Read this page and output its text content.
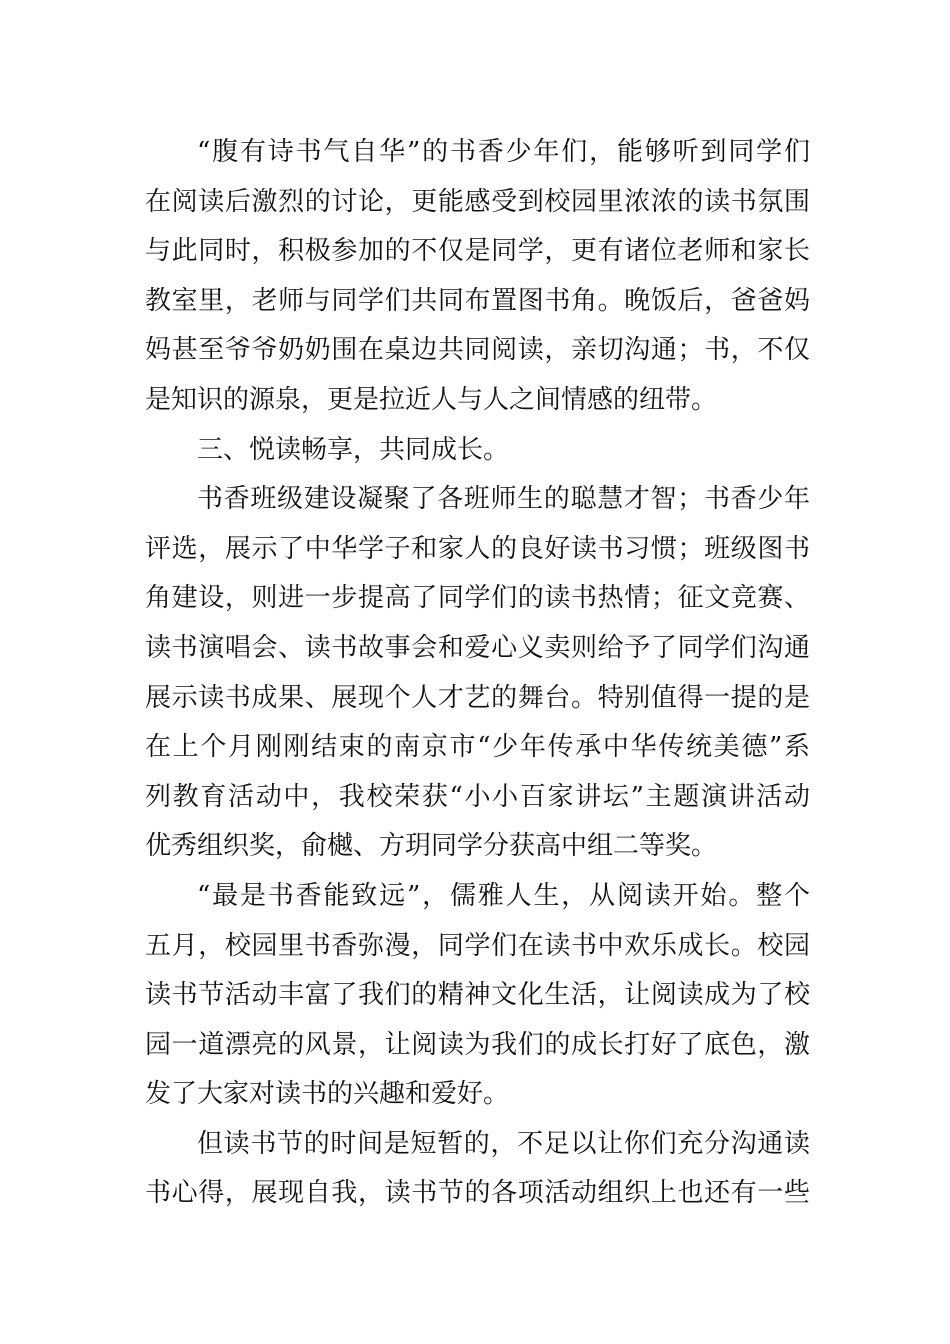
“腹有诗书气自华”的书香少年们，能够听到同学们
在阅读后激烈的讨论，更能感受到校园里浓浓的读书氛围
与此同时，积极参加的不仅是同学，更有诸位老师和家长
教室里，老师与同学们共同布置图书角。晚饭后，爸爸妈
妈甚至爷爷奶奶围在桌边共同阅读，亲切沟通；书，不仅
是知识的源泉，更是拉近人与人之间情感的纽带。
三、悦读畅享，共同成长。
书香班级建设凝聚了各班师生的聪慧才智；书香少年
评选，展示了中华学子和家人的良好读书习惯；班级图书
角建设，则进一步提高了同学们的读书热情；征文竞赛、
读书演唱会、读书故事会和爱心义卖则给予了同学们沟通
展示读书成果、展现个人才艺的舞台。特别值得一提的是
在上个月刚刚结束的南京市“少年传承中华传统美德”系
列教育活动中，我校荣获“小小百家讲坛”主题演讲活动
优秀组织奖，俞樾、方玥同学分获高中组二等奖。
“最是书香能致远”，儒雅人生，从阅读开始。整个
五月，校园里书香弥漫，同学们在读书中欢乐成长。校园
读书节活动丰富了我们的精神文化生活，让阅读成为了校
园一道漂亮的风景，让阅读为我们的成长打好了底色，激
发了大家对读书的兴趣和爱好。
但读书节的时间是短暂的，不足以让你们充分沟通读
书心得，展现自我，读书节的各项活动组织上也还有一些
